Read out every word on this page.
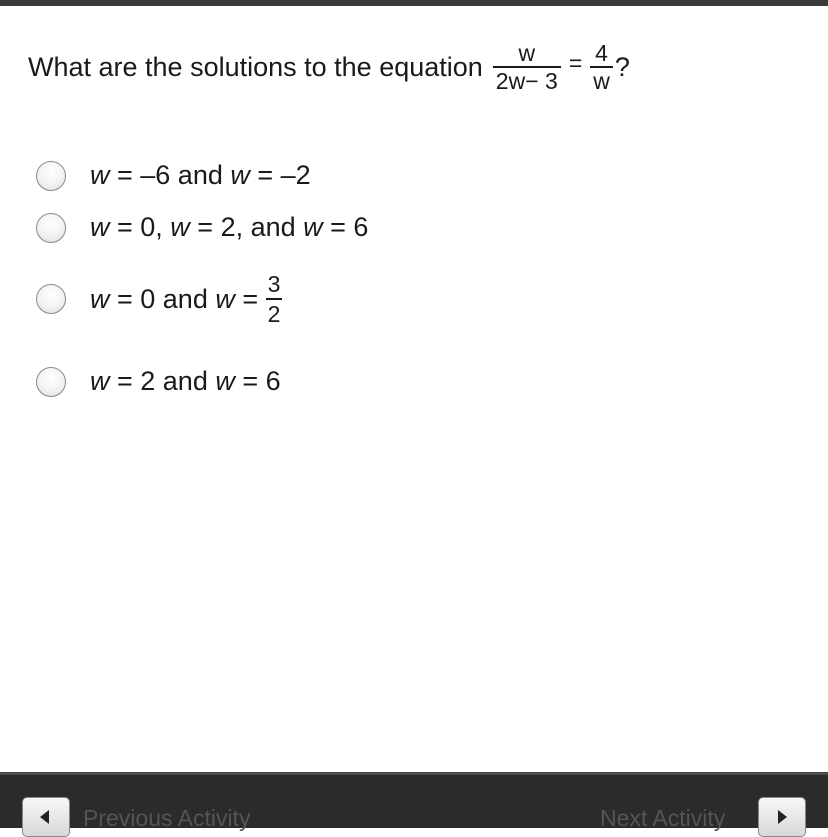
What are the solutions to the equation $\frac{w}{2w- 3} = \frac{4}{w}$ ?
w = –6 and w = –2
w = 0, w = 2, and w = 6
w = 0 and $w = \frac{3}{2}$
w = 2 and w = 6
Previous Activity	Next Activity
